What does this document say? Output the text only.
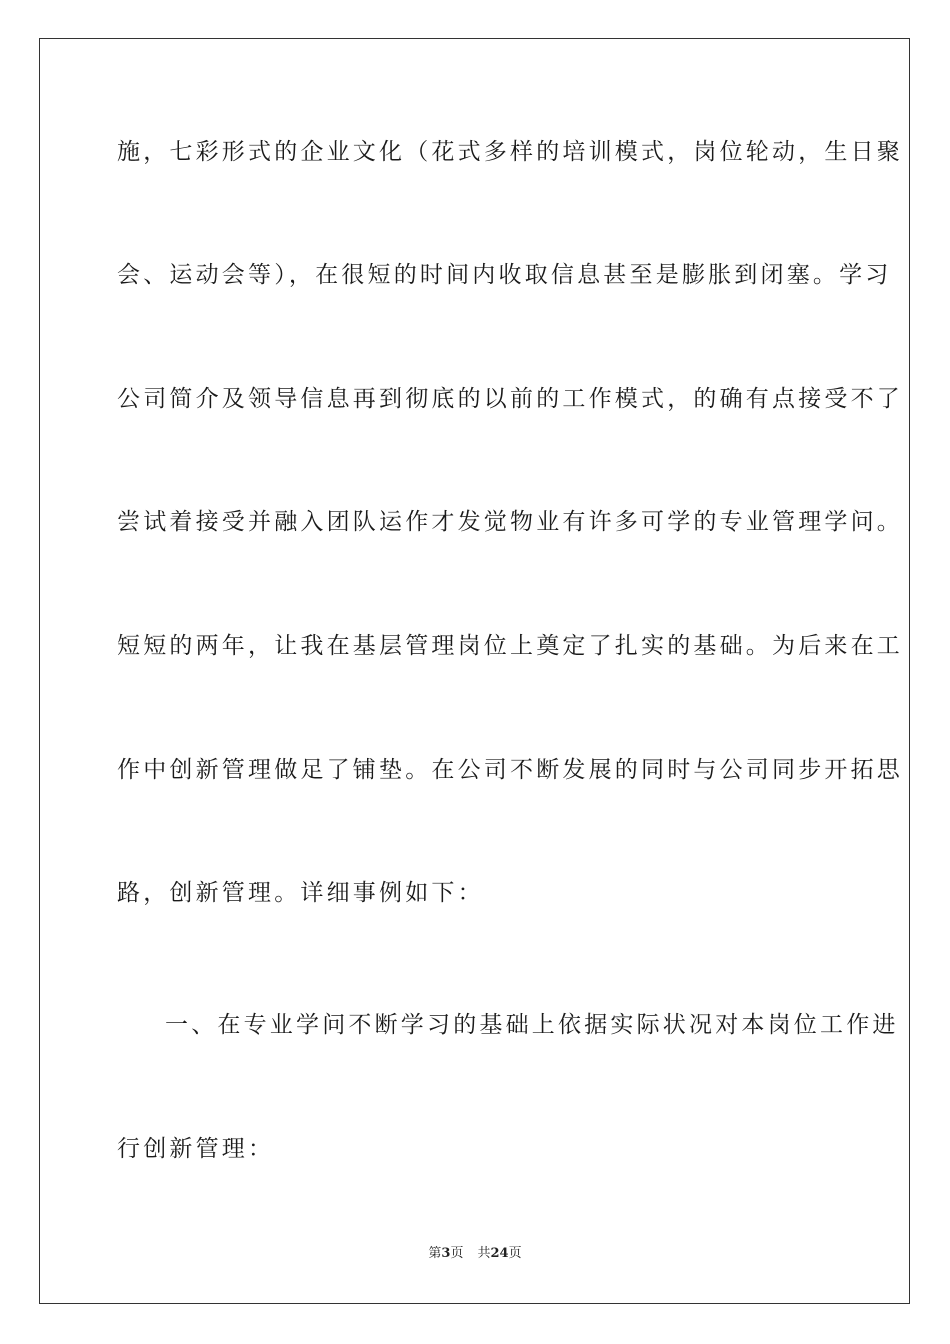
施，七彩形式的企业文化（花式多样的培训模式，岗位轮动，生日聚
会、运动会等），在很短的时间内收取信息甚至是膨胀到闭塞。学习
公司简介及领导信息再到彻底的以前的工作模式，的确有点接受不了
尝试着接受并融入团队运作才发觉物业有许多可学的专业管理学问。
短短的两年，让我在基层管理岗位上奠定了扎实的基础。为后来在工
作中创新管理做足了铺垫。在公司不断发展的同时与公司同步开拓思
路，创新管理。详细事例如下：
一、在专业学问不断学习的基础上依据实际状况对本岗位工作进
行创新管理：
第3页 共24页
